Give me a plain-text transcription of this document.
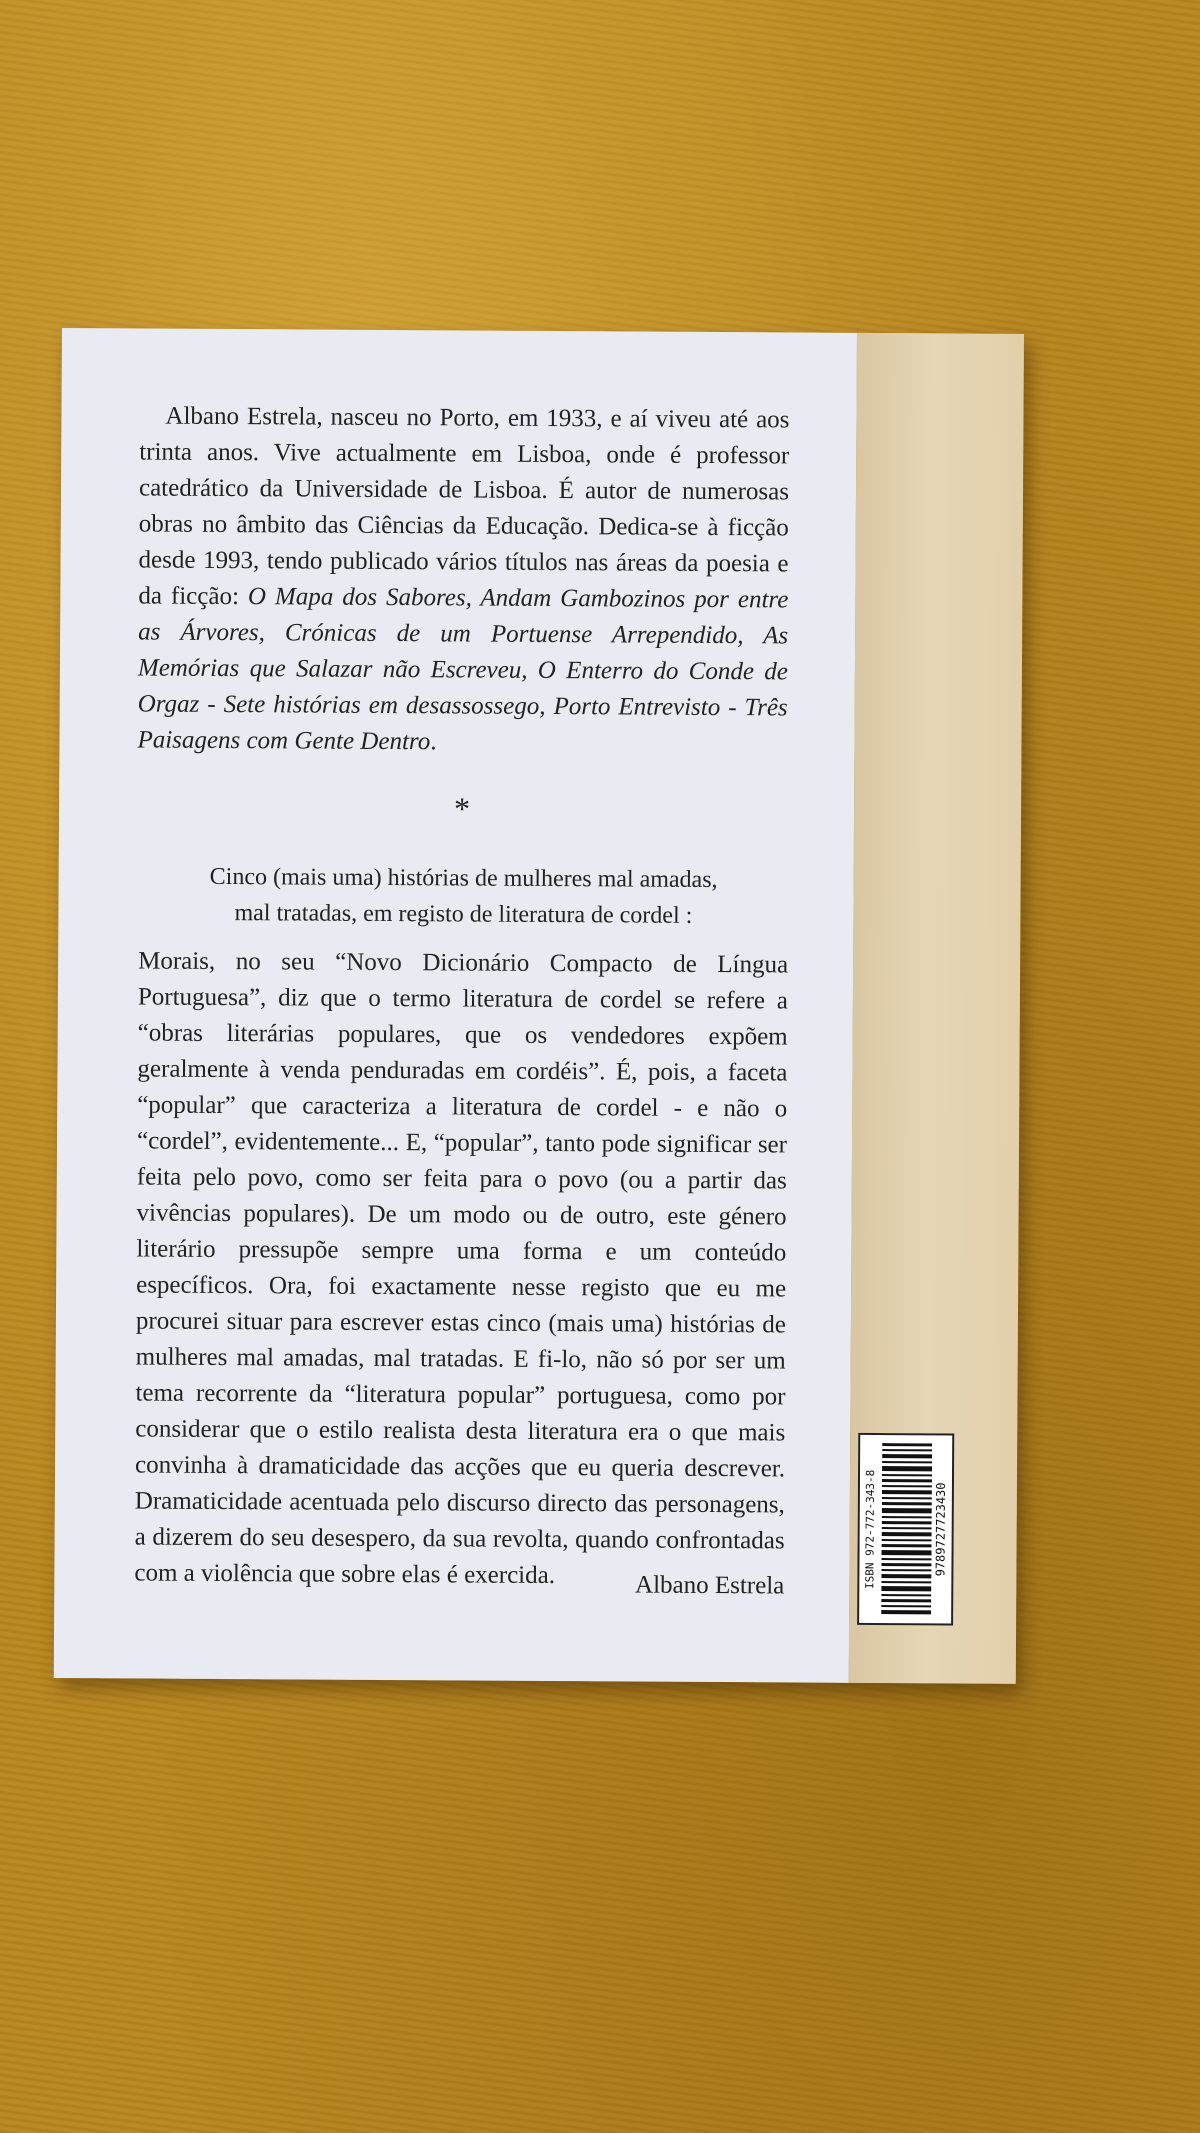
Albano Estrela, nasceu no Porto, em 1933, e aí viveu até aos trinta anos. Vive actualmente em Lisboa, onde é professor catedrático da Universidade de Lisboa. É autor de numerosas obras no âmbito das Ciências da Educação. Dedica-se à ficção desde 1993, tendo publicado vários títulos nas áreas da poesia e da ficção: O Mapa dos Sabores, Andam Gambozinos por entre as Árvores, Crónicas de um Portuense Arrependido, As Memórias que Salazar não Escreveu, O Enterro do Conde de Orgaz - Sete histórias em desassossego, Porto Entrevisto - Três Paisagens com Gente Dentro.

*
Cinco (mais uma) histórias de mulheres mal amadas,
mal tratadas, em registo de literatura de cordel :

Morais, no seu “Novo Dicionário Compacto de Língua Portuguesa”, diz que o termo literatura de cordel se refere a “obras literárias populares, que os vendedores expõem geralmente à venda penduradas em cordéis”. É, pois, a faceta “popular” que caracteriza a literatura de cordel - e não o “cordel”, evidentemente... E, “popular”, tanto pode significar ser feita pelo povo, como ser feita para o povo (ou a partir das vivências populares). De um modo ou de outro, este género literário pressupõe sempre uma forma e um conteúdo específicos. Ora, foi exactamente nesse registo que eu me procurei situar para escrever estas cinco (mais uma) histórias de mulheres mal amadas, mal tratadas. E fi-lo, não só por ser um tema recorrente da “literatura popular” portuguesa, como por considerar que o estilo realista desta literatura era o que mais convinha à dramaticidade das acções que eu queria descrever. Dramaticidade acentuada pelo discurso directo das personagens, a dizerem do seu desespero, da sua revolta, quando confrontadas com a violência que sobre elas é exercida.	Albano Estrela	ISBN 972-772-343-8	9789727723430
